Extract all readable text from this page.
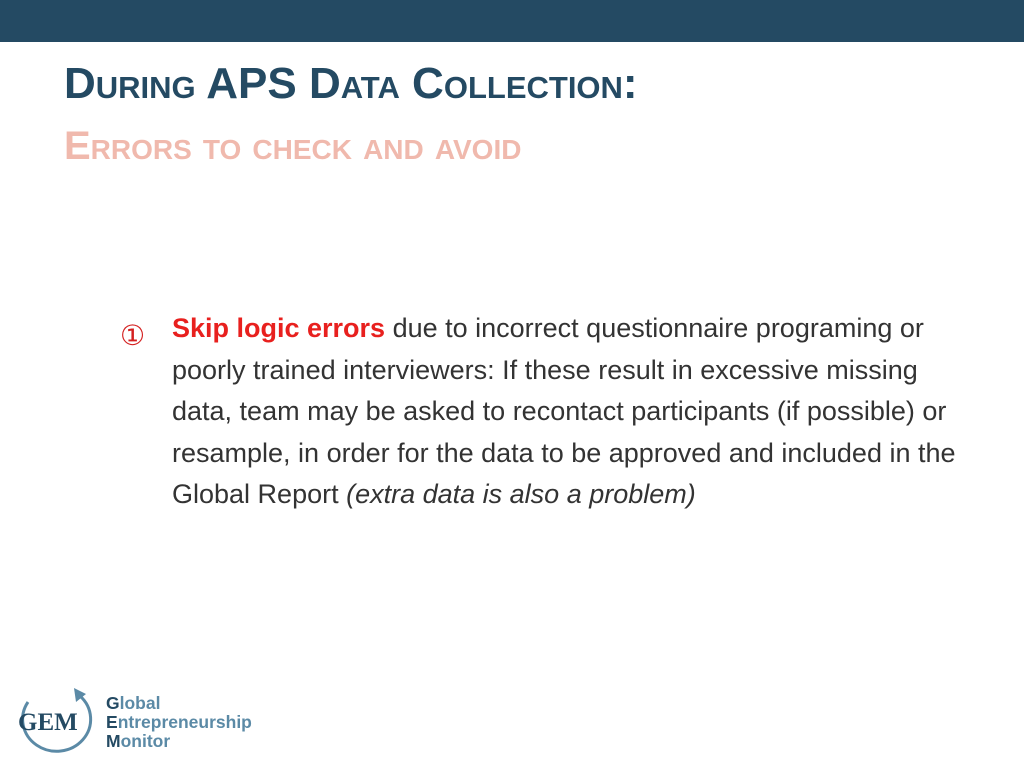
During APS Data Collection:
Errors to check and avoid
① Skip logic errors due to incorrect questionnaire programing or poorly trained interviewers: If these result in excessive missing data, team may be asked to recontact participants (if possible) or resample, in order for the data to be approved and included in the Global Report (extra data is also a problem)

GEM
Global
Entrepreneurship
Monitor
